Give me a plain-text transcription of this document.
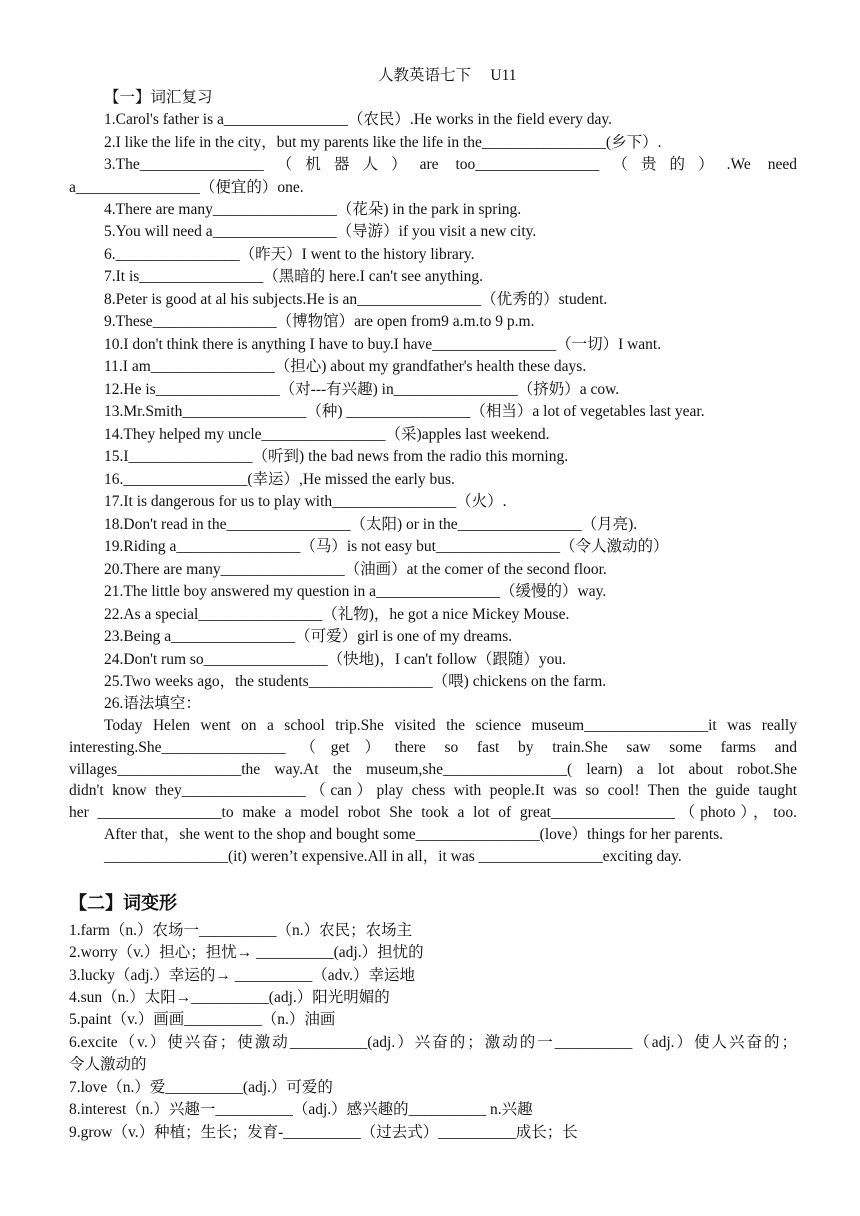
人教英语七下 　U11
【一】词汇复习
1.Carol's father is a________________（农民）.He works in the field every day.
2.I like the life in the city，but my parents like the life in the________________(乡下）.
3.The________________（机器人）are too________________（贵的）.We need
a________________（便宜的）one.
4.There are many________________（花朵) in the park in spring.
5.You will need a________________（导游）if you visit a new city.
6.________________（昨天）I went to the history library.
7.It is________________（黑暗的 here.I can't see anything.
8.Peter is good at al his subjects.He is an________________（优秀的）student.
9.These________________（博物馆）are open from9 a.m.to 9 p.m.
10.I don't think there is anything I have to buy.I have________________（一切）I want.
11.I am________________（担心) about my grandfather's health these days.
12.He is________________（对---有兴趣) in________________（挤奶）a cow.
13.Mr.Smith________________（种) ________________（相当）a lot of vegetables last year.
14.They helped my uncle________________（采)apples last weekend.
15.I________________（听到) the bad news from the radio this morning.
16.________________(幸运）,He missed the early bus.
17.It is dangerous for us to play with________________（火）.
18.Don't read in the________________（太阳) or in the________________（月亮).
19.Riding a________________（马）is not easy but________________（令人激动的）
20.There are many________________（油画）at the comer of the second floor.
21.The little boy answered my question in a________________（缓慢的）way.
22.As a special________________（礼物)，he got a nice Mickey Mouse.
23.Being a________________（可爱）girl is one of my dreams.
24.Don't rum so________________（快地)，I can't follow（跟随）you.
25.Two weeks ago，the students________________（喂) chickens on the farm.
26.语法填空：
Today Helen went on a school trip.She visited the science museum________________it was really
interesting.She________________（get）there so fast by train.She saw some farms and
villages________________the way.At the museum,she________________( learn) a lot about robot.She
didn't know they________________（can）play chess with people.It was so cool! Then the guide taught
her ________________to make a model robot She took a lot of great________________（photo），too.
After that，she went to the shop and bought some________________(love）things for her parents.
________________(it) weren’t expensive.All in all，it was ________________exciting day.
【二】词变形
1.farm（n.）农场一__________（n.）农民；农场主
2.worry（v.）担心；担忧→ __________(adj.）担忧的
3.lucky（adj.）幸运的→ __________（adv.）幸运地
4.sun（n.）太阳→__________(adj.）阳光明媚的
5.paint（v.）画画__________（n.）油画
6.excite（v.）使兴奋；使激动__________(adj.）兴奋的；激动的一__________（adj.）使人兴奋的；
令人激动的
7.love（n.）爱__________(adj.）可爱的
8.interest（n.）兴趣一__________（adj.）感兴趣的__________ n.兴趣
9.grow（v.）种植；生长；发育-__________（过去式）__________成长；长
